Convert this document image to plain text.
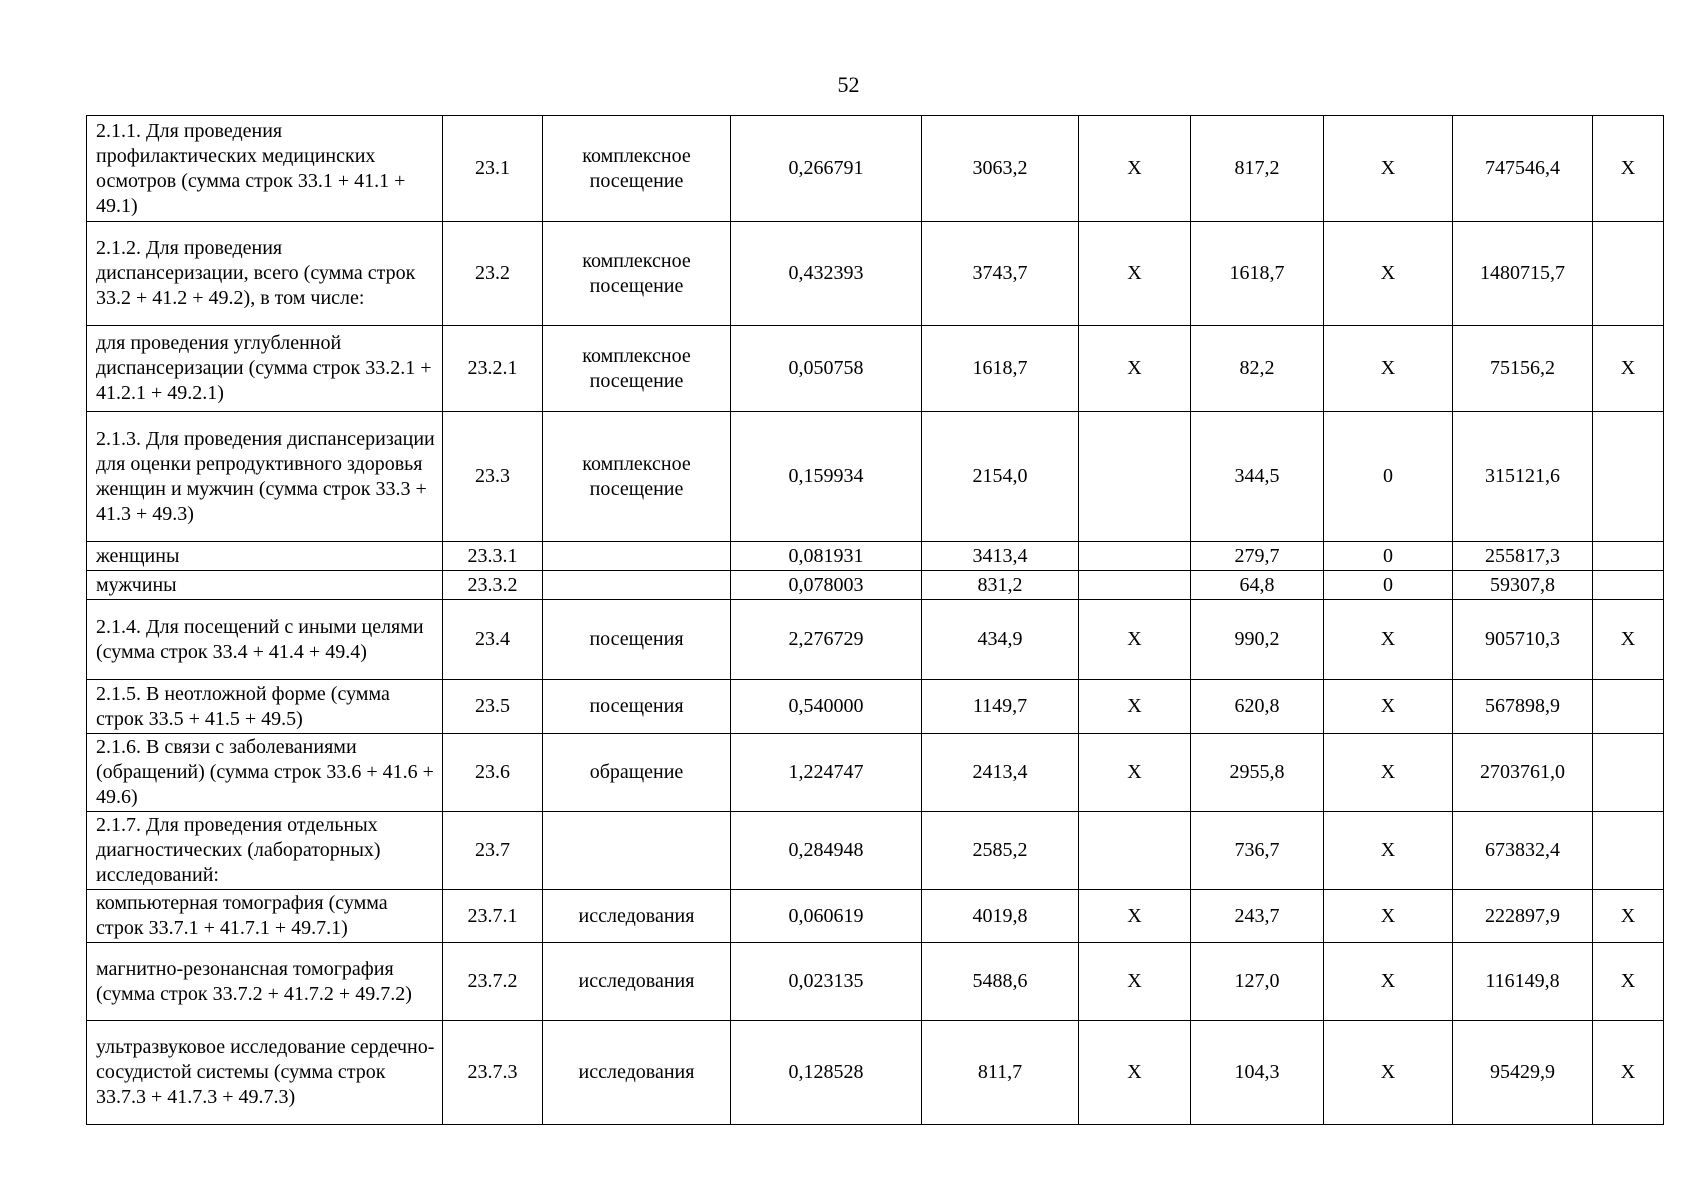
52
2.1.1. Для проведения профилактических медицинских осмотров (сумма строк 33.1 + 41.1 + 49.1)	23.1	комплексное посещение	0,266791	3063,2	Х	817,2	Х	747546,4	Х
2.1.2. Для проведения диспансеризации, всего (сумма строк 33.2 + 41.2 + 49.2), в том числе:	23.2	комплексное посещение	0,432393	3743,7	Х	1618,7	Х	1480715,7	
для проведения углубленной диспансеризации (сумма строк 33.2.1 + 41.2.1 + 49.2.1)	23.2.1	комплексное посещение	0,050758	1618,7	Х	82,2	Х	75156,2	Х
2.1.3. Для проведения диспансеризации для оценки репродуктивного здоровья женщин и мужчин (сумма строк 33.3 + 41.3 + 49.3)	23.3	комплексное посещение	0,159934	2154,0		344,5	0	315121,6	
женщины	23.3.1		0,081931	3413,4		279,7	0	255817,3	
мужчины	23.3.2		0,078003	831,2		64,8	0	59307,8	
2.1.4. Для посещений с иными целями (сумма строк 33.4 + 41.4 + 49.4)	23.4	посещения	2,276729	434,9	Х	990,2	Х	905710,3	Х
2.1.5. В неотложной форме (сумма строк 33.5 + 41.5 + 49.5)	23.5	посещения	0,540000	1149,7	Х	620,8	Х	567898,9	
2.1.6. В связи с заболеваниями (обращений) (сумма строк 33.6 + 41.6 + 49.6)	23.6	обращение	1,224747	2413,4	Х	2955,8	Х	2703761,0	
2.1.7. Для проведения отдельных диагностических (лабораторных) исследований:	23.7		0,284948	2585,2		736,7	Х	673832,4	
компьютерная томография (сумма строк 33.7.1 + 41.7.1 + 49.7.1)	23.7.1	исследования	0,060619	4019,8	Х	243,7	Х	222897,9	Х
магнитно-резонансная томография (сумма строк 33.7.2 + 41.7.2 + 49.7.2)	23.7.2	исследования	0,023135	5488,6	Х	127,0	Х	116149,8	Х
ультразвуковое исследование сердечно-сосудистой системы (сумма строк 33.7.3 + 41.7.3 + 49.7.3)	23.7.3	исследования	0,128528	811,7	Х	104,3	Х	95429,9	Х
